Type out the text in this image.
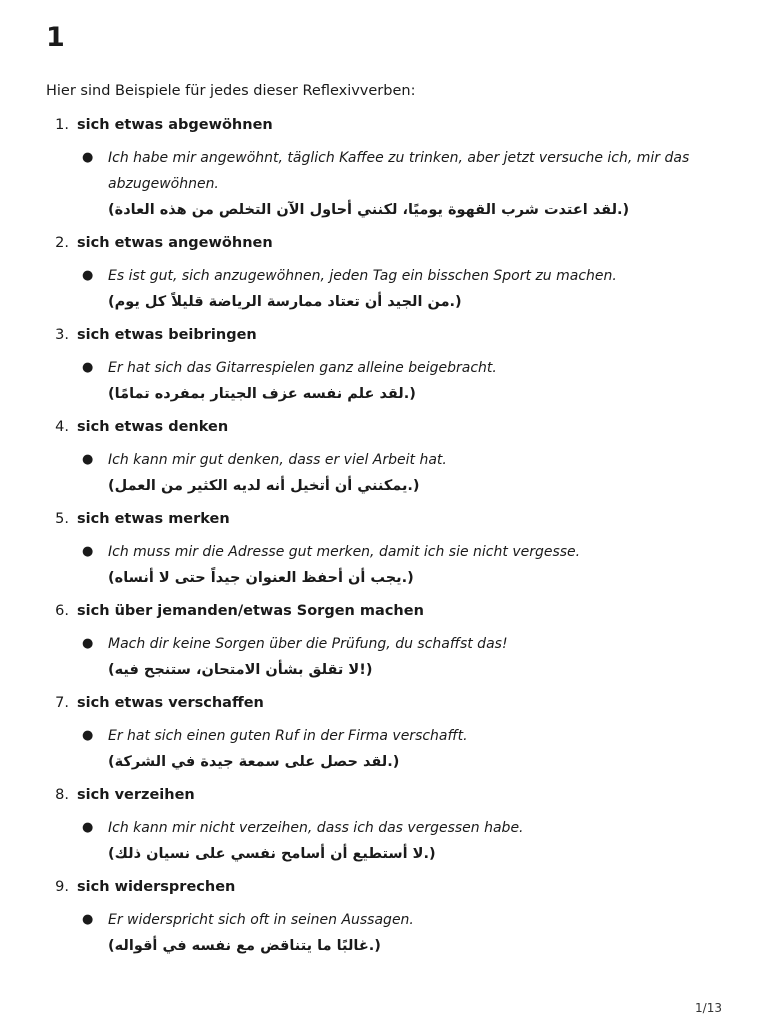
1

Hier sind Beispiele für jedes dieser Reflexivverben:

1. sich etwas abgewöhnen
●	Ich habe mir angewöhnt, täglich Kaffee zu trinken, aber jetzt versuche ich, mir das abzugewöhnen.
(لقد اعتدت شرب القهوة يوميًا، لكنني أحاول الآن التخلص من هذه العادة.)
2. sich etwas angewöhnen
●	Es ist gut, sich anzugewöhnen, jeden Tag ein bisschen Sport zu machen.
(من الجيد أن تعتاد ممارسة الرياضة قليلاً كل يوم.)
3. sich etwas beibringen
●	Er hat sich das Gitarrespielen ganz alleine beigebracht.
(لقد علم نفسه عزف الجيتار بمفرده تمامًا.)
4. sich etwas denken
●	Ich kann mir gut denken, dass er viel Arbeit hat.
(يمكنني أن أتخيل أنه لديه الكثير من العمل.)
5. sich etwas merken
●	Ich muss mir die Adresse gut merken, damit ich sie nicht vergesse.
(يجب أن أحفظ العنوان جيداً حتى لا أنساه.)
6. sich über jemanden/etwas Sorgen machen
●	Mach dir keine Sorgen über die Prüfung, du schaffst das!
(لا تقلق بشأن الامتحان، ستنجح فيه!)
7. sich etwas verschaffen
●	Er hat sich einen guten Ruf in der Firma verschafft.
(لقد حصل على سمعة جيدة في الشركة.)
8. sich verzeihen
●	Ich kann mir nicht verzeihen, dass ich das vergessen habe.
(لا أستطيع أن أسامح نفسي على نسيان ذلك.)
9. sich widersprechen
●	Er widerspricht sich oft in seinen Aussagen.
(غالبًا ما يتناقض مع نفسه في أقواله.)
1/13
